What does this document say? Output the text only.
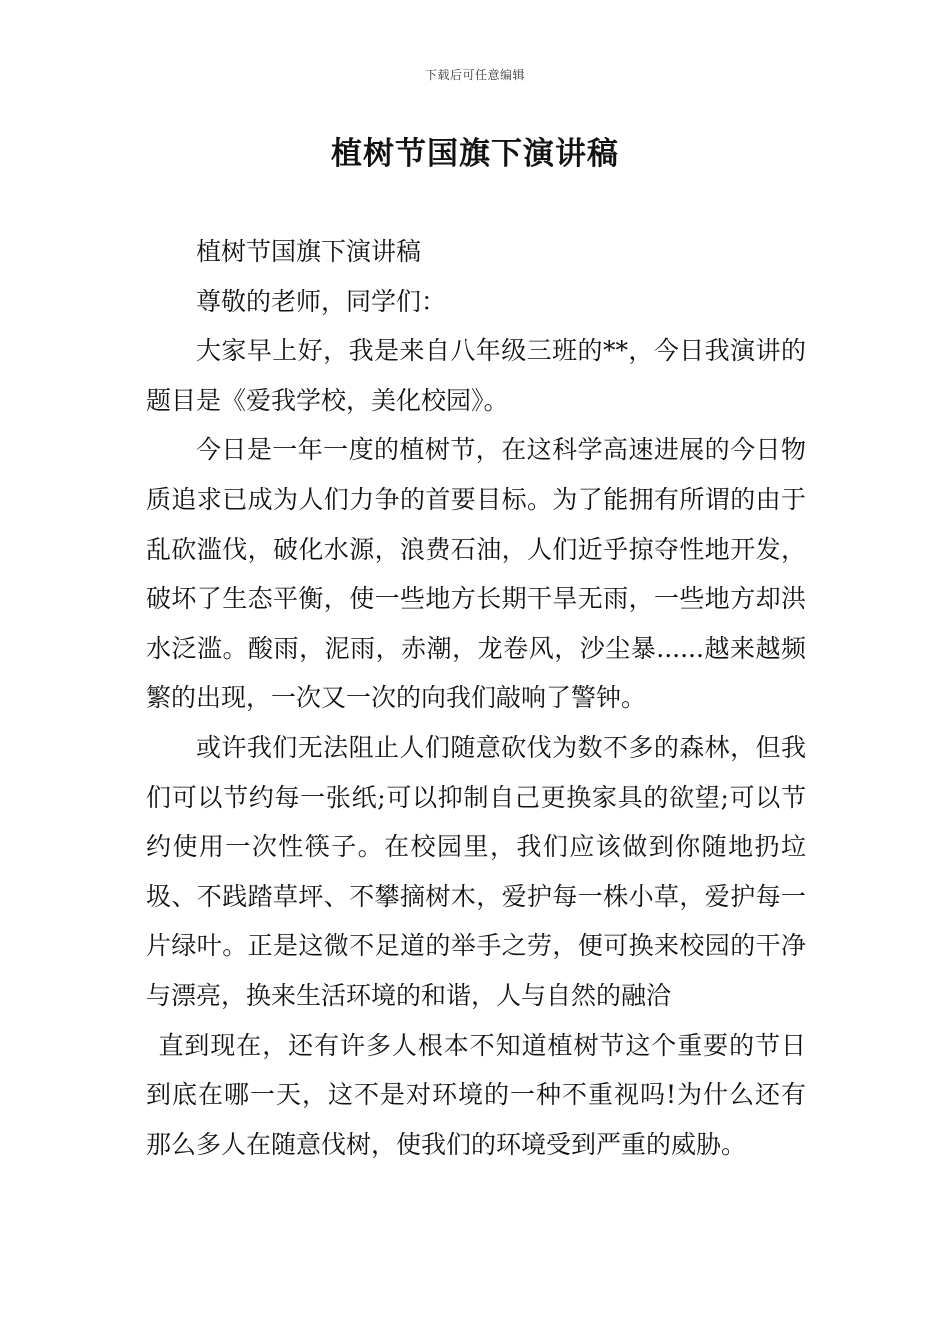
下载后可任意编辑
植树节国旗下演讲稿

植树节国旗下演讲稿

尊敬的老师，同学们：

大家早上好，我是来自八年级三班的**，今日我演讲的题目是《爱我学校，美化校园》。

今日是一年一度的植树节，在这科学高速进展的今日物质追求已成为人们力争的首要目标。为了能拥有所谓的由于乱砍滥伐，破化水源，浪费石油，人们近乎掠夺性地开发，破坏了生态平衡，使一些地方长期干旱无雨，一些地方却洪水泛滥。酸雨，泥雨，赤潮，龙卷风，沙尘暴......越来越频繁的出现，一次又一次的向我们敲响了警钟。

或许我们无法阻止人们随意砍伐为数不多的森林，但我们可以节约每一张纸;可以抑制自己更换家具的欲望;可以节约使用一次性筷子。在校园里，我们应该做到你随地扔垃圾、不践踏草坪、不攀摘树木，爱护每一株小草，爱护每一片绿叶。正是这微不足道的举手之劳，便可换来校园的干净与漂亮，换来生活环境的和谐，人与自然的融洽

直到现在，还有许多人根本不知道植树节这个重要的节日到底在哪一天，这不是对环境的一种不重视吗!为什么还有那么多人在随意伐树，使我们的环境受到严重的威胁。
